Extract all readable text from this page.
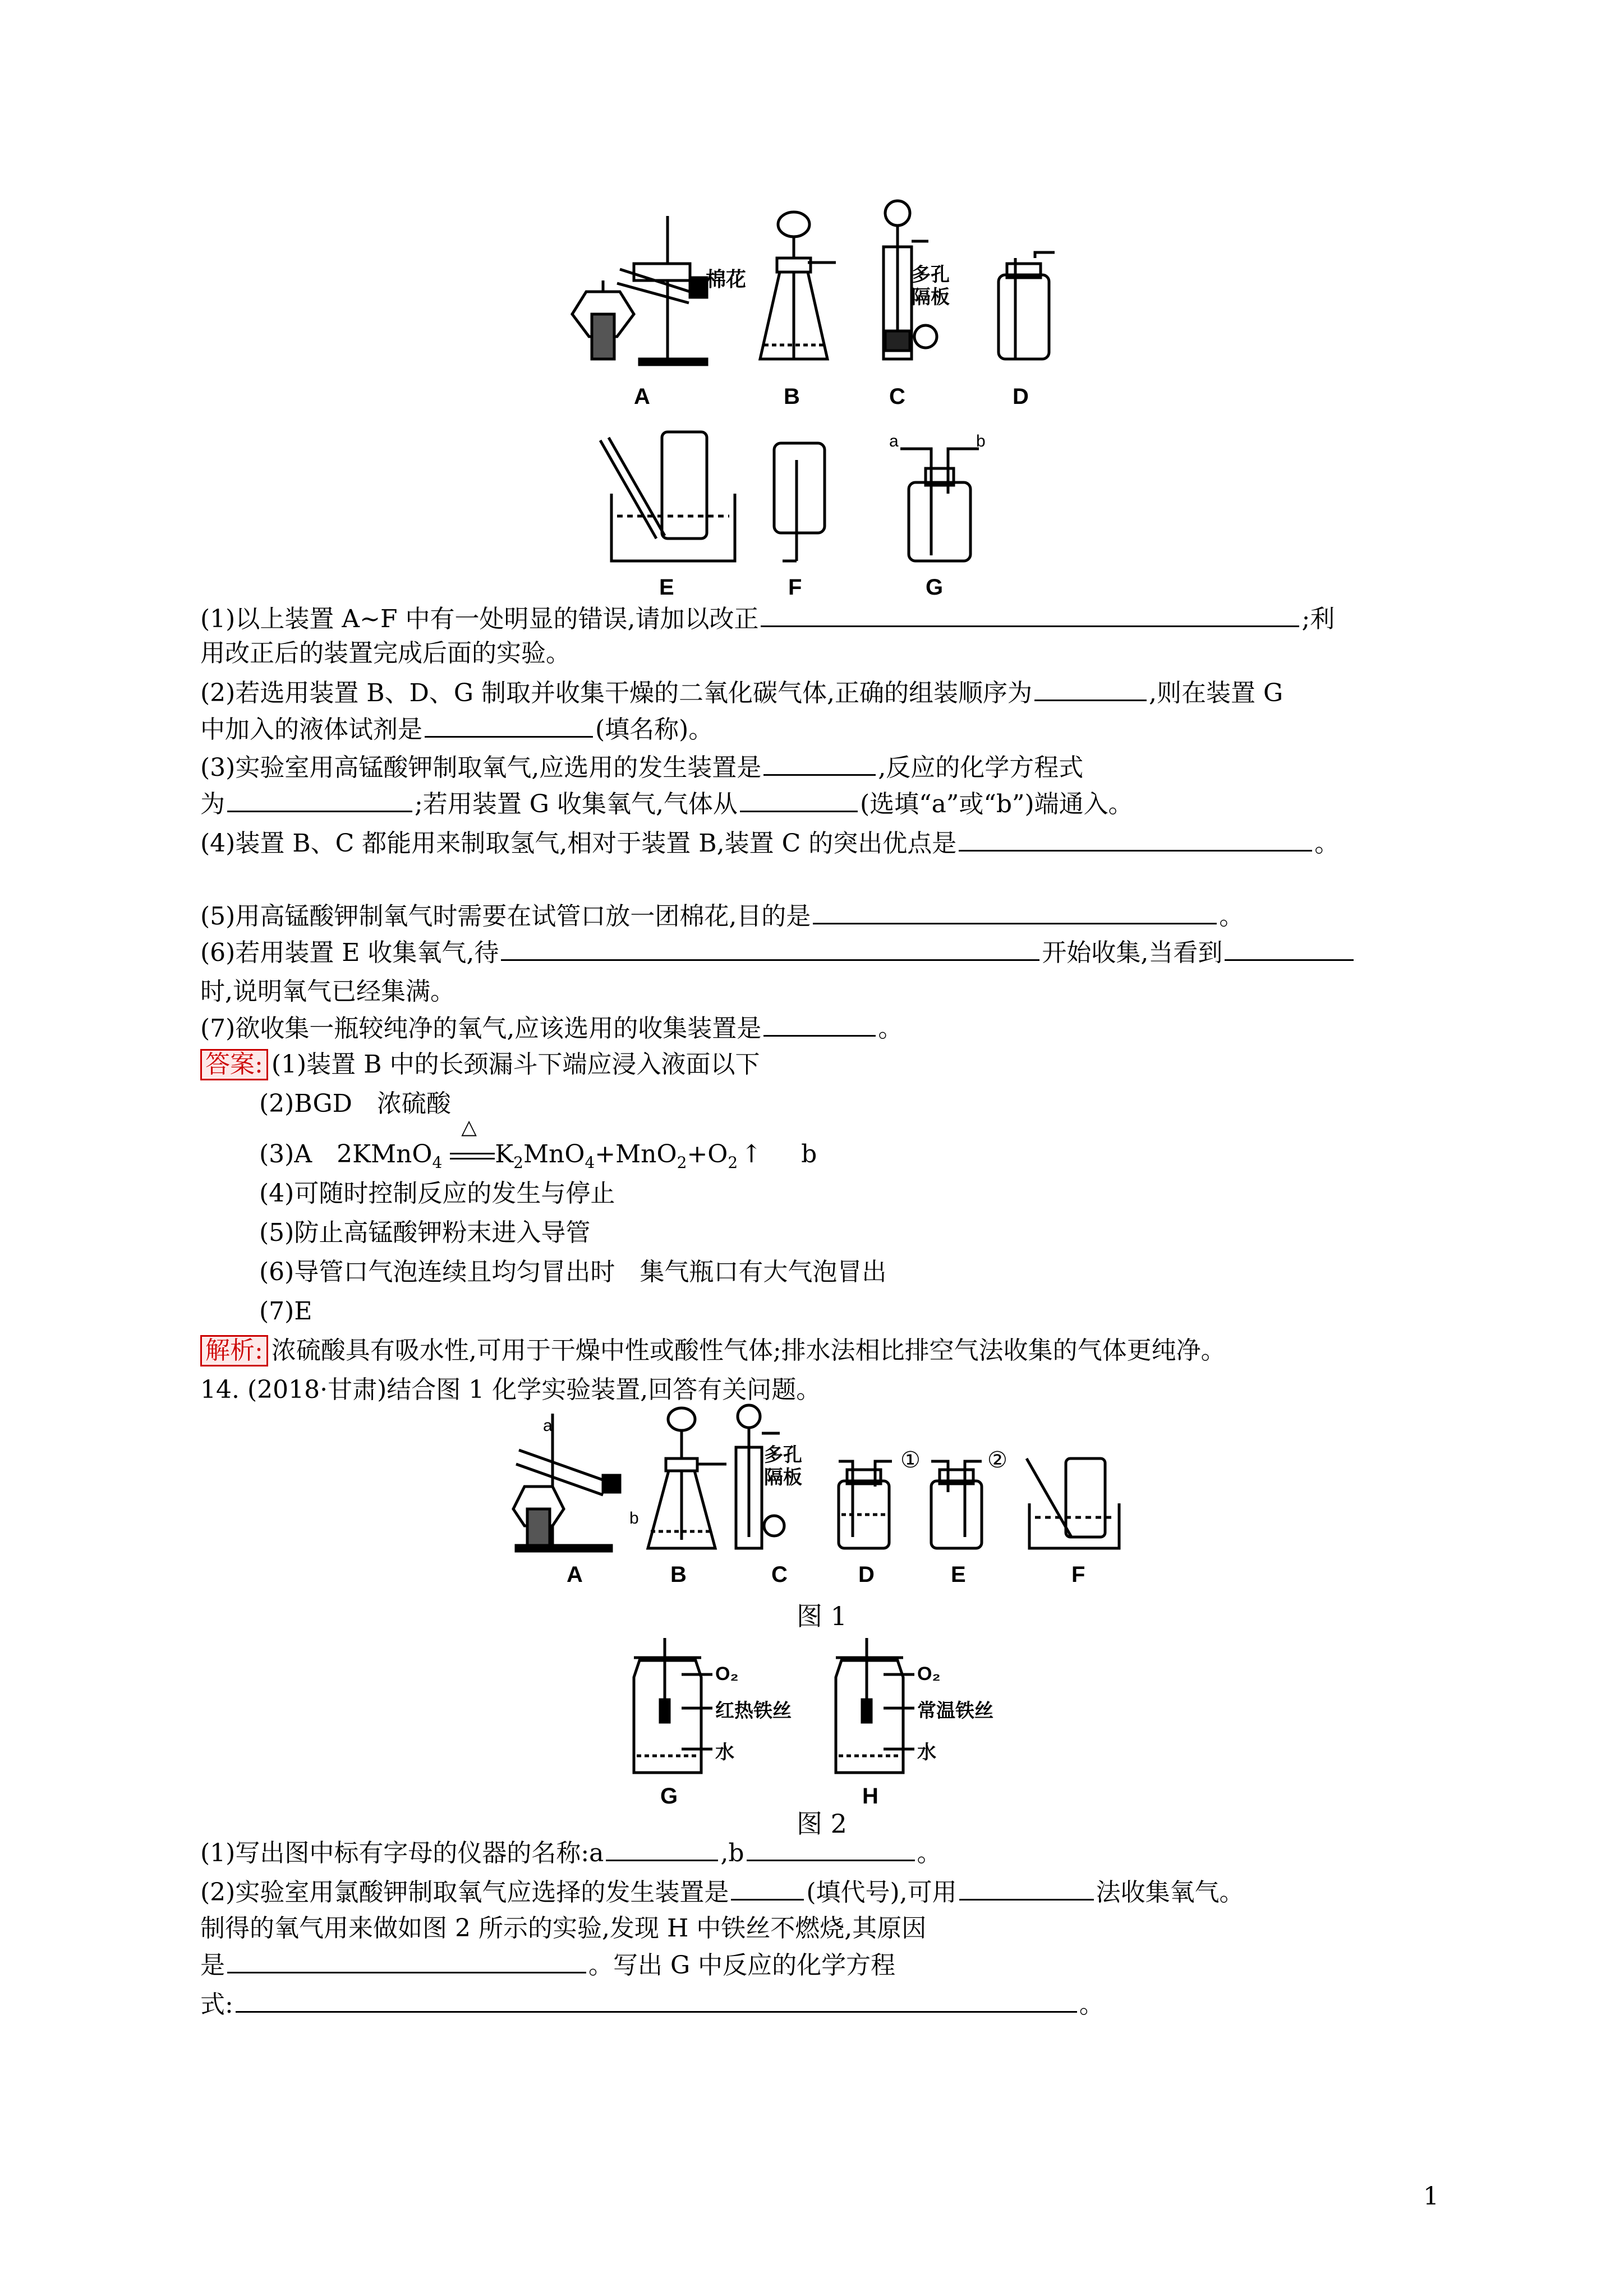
棉花	多孔
隔板
a	b
A	B	C	D
E	F	G
(1)以上装置 A~F 中有一处明显的错误,请加以改正	;利
用改正后的装置完成后面的实验。
(2)若选用装置 B、D、G 制取并收集干燥的二氧化碳气体,正确的组装顺序为	,则在装置 G
中加入的液体试剂是	(填名称)。
(3)实验室用高锰酸钾制取氧气,应选用的发生装置是	,反应的化学方程式
为	;若用装置 G 收集氧气,气体从	(选填“a”或“b”)端通入。
(4)装置 B、C 都能用来制取氢气,相对于装置 B,装置 C 的突出优点是	。
(5)用高锰酸钾制氧气时需要在试管口放一团棉花,目的是	。
(6)若用装置 E 收集氧气,待	开始收集,当看到
时,说明氧气已经集满。
(7)欲收集一瓶较纯净的氧气,应该选用的收集装置是	。
答案: (1)装置 B 中的长颈漏斗下端应浸入液面以下
(2)BGD　浓硫酸
(3)A　2KMnO$_4$
△
$K_2MnO_4+MnO_2+O_2$ ↑ b
(4)可随时控制反应的发生与停止
(5)防止高锰酸钾粉末进入导管
(6)导管口气泡连续且均匀冒出时　集气瓶口有大气泡冒出
(7)E
解析: 浓硫酸具有吸水性,可用于干燥中性或酸性气体;排水法相比排空气法收集的气体更纯净。
14. (2018·甘肃)结合图 1 化学实验装置,回答有关问题。
a
b
多孔
隔板
①	②
A	B	C	D	E	F
图 1
O₂
红热铁丝
水
O₂
常温铁丝
水
G	H
图 2
(1)写出图中标有字母的仪器的名称:a	,b	。
(2)实验室用氯酸钾制取氧气应选择的发生装置是	(填代号),可用	法收集氧气。
制得的氧气用来做如图 2 所示的实验,发现 H 中铁丝不燃烧,其原因
是	。写出 G 中反应的化学方程
式:	。
1
